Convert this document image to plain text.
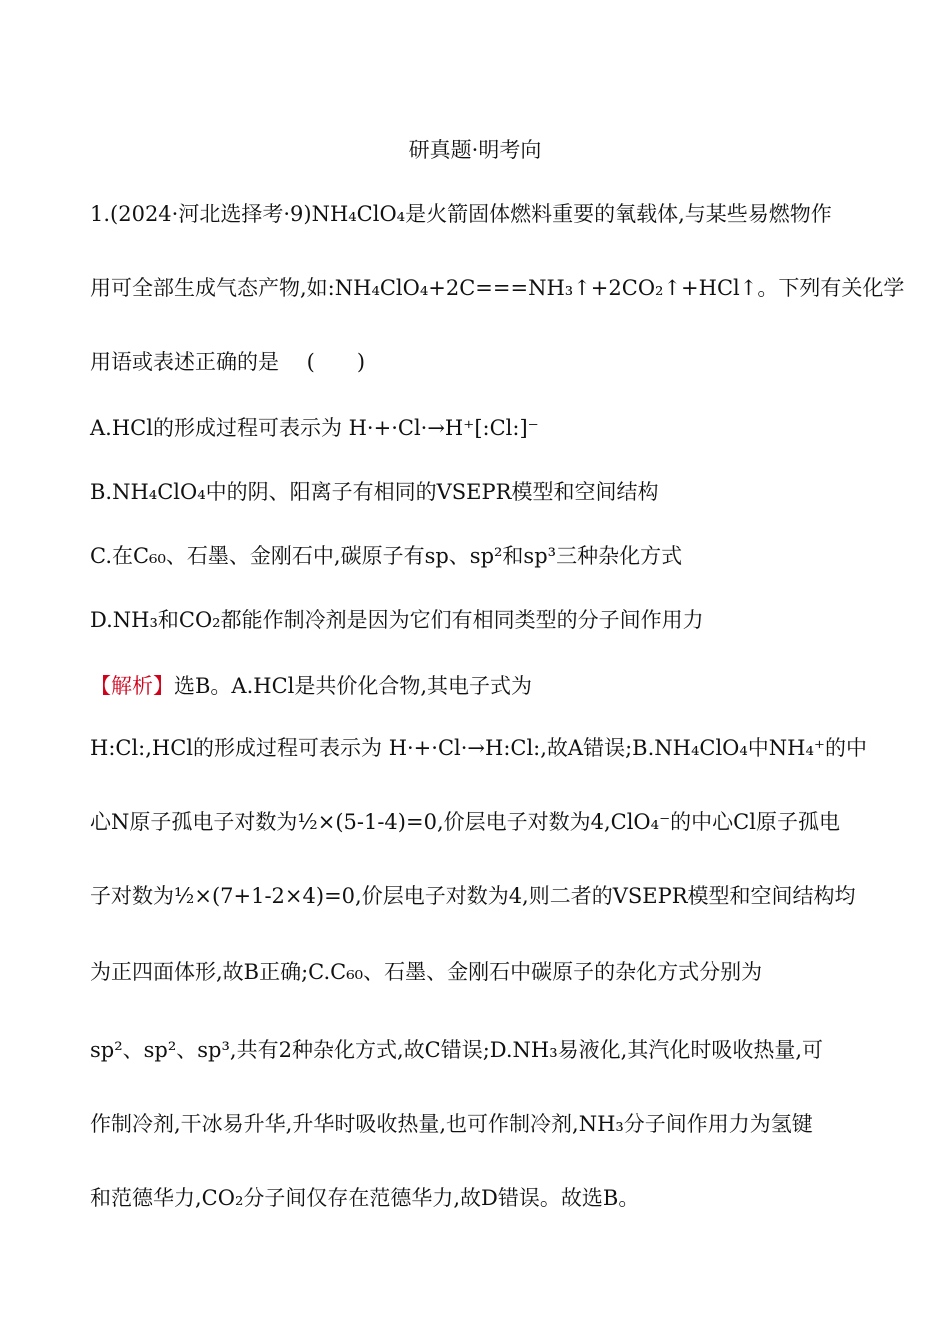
研真题·明考向
1.(2024·河北选择考·9)NH₄ClO₄是火箭固体燃料重要的氧载体,与某些易燃物作
用可全部生成气态产物,如:NH₄ClO₄+2C===NH₃↑+2CO₂↑+HCl↑。下列有关化学
用语或表述正确的是　 (　　)
A.HCl的形成过程可表示为 H·+·Cl·→H⁺[:Cl:]⁻
B.NH₄ClO₄中的阴、阳离子有相同的VSEPR模型和空间结构
C.在C₆₀、石墨、金刚石中,碳原子有sp、sp²和sp³三种杂化方式
D.NH₃和CO₂都能作制冷剂是因为它们有相同类型的分子间作用力
【解析】选B。A.HCl是共价化合物,其电子式为
H:Cl:,HCl的形成过程可表示为 H·+·Cl·→H:Cl:,故A错误;B.NH₄ClO₄中NH₄⁺的中
心N原子孤电子对数为½×(5-1-4)=0,价层电子对数为4,ClO₄⁻的中心Cl原子孤电
子对数为½×(7+1-2×4)=0,价层电子对数为4,则二者的VSEPR模型和空间结构均
为正四面体形,故B正确;C.C₆₀、石墨、金刚石中碳原子的杂化方式分别为
sp²、sp²、sp³,共有2种杂化方式,故C错误;D.NH₃易液化,其汽化时吸收热量,可
作制冷剂,干冰易升华,升华时吸收热量,也可作制冷剂,NH₃分子间作用力为氢键
和范德华力,CO₂分子间仅存在范德华力,故D错误。故选B。
